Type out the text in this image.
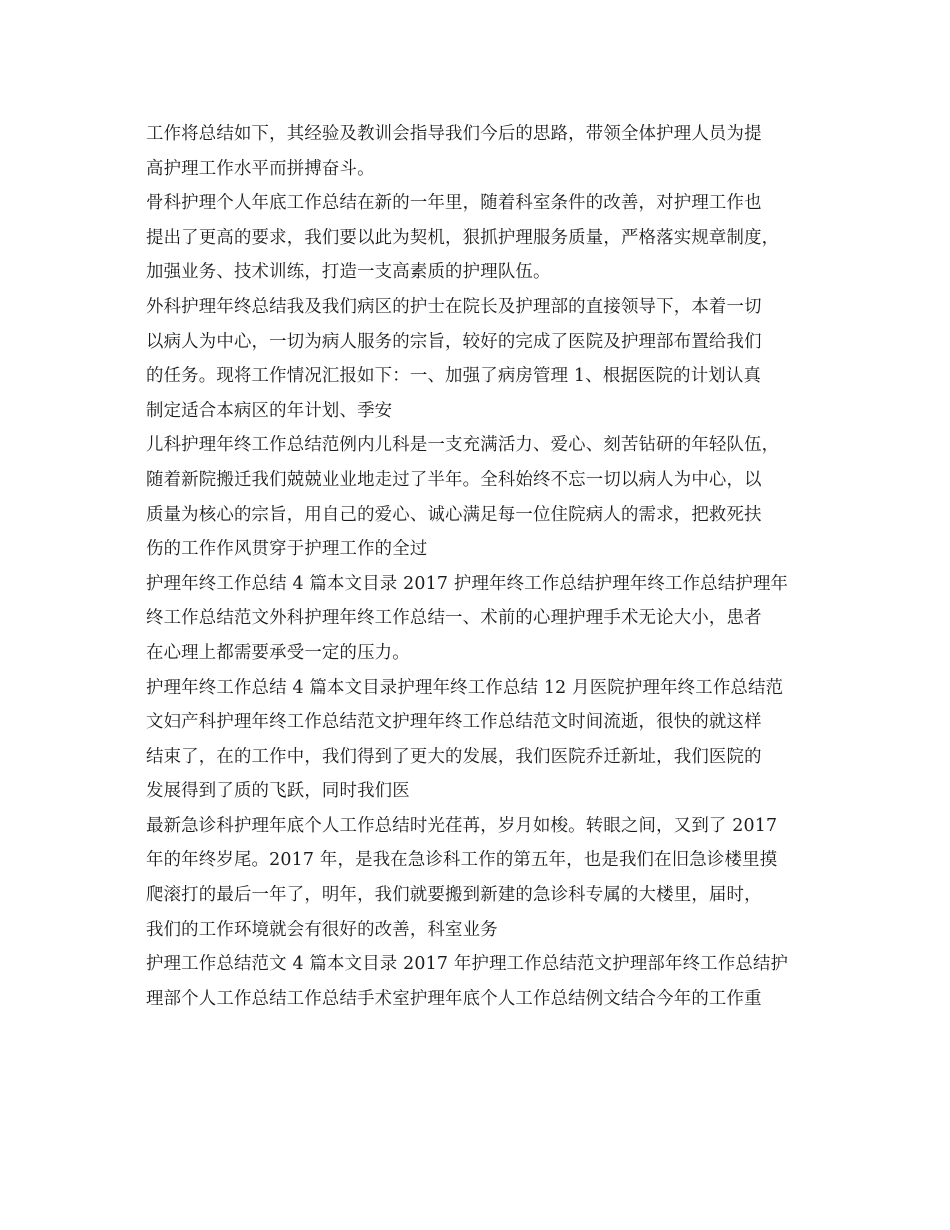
工作将总结如下，其经验及教训会指导我们今后的思路，带领全体护理人员为提
高护理工作水平而拼搏奋斗。
骨科护理个人年底工作总结在新的一年里，随着科室条件的改善，对护理工作也
提出了更高的要求，我们要以此为契机，狠抓护理服务质量，严格落实规章制度，
加强业务、技术训练，打造一支高素质的护理队伍。
外科护理年终总结我及我们病区的护士在院长及护理部的直接领导下，本着一切
以病人为中心，一切为病人服务的宗旨，较好的完成了医院及护理部布置给我们
的任务。现将工作情况汇报如下：一、加强了病房管理 1、根据医院的计划认真
制定适合本病区的年计划、季安
儿科护理年终工作总结范例内儿科是一支充满活力、爱心、刻苦钻研的年轻队伍，
随着新院搬迁我们兢兢业业地走过了半年。全科始终不忘一切以病人为中心，以
质量为核心的宗旨，用自己的爱心、诚心满足每一位住院病人的需求，把救死扶
伤的工作作风贯穿于护理工作的全过
护理年终工作总结 4 篇本文目录 2017 护理年终工作总结护理年终工作总结护理年
终工作总结范文外科护理年终工作总结一、术前的心理护理手术无论大小，患者
在心理上都需要承受一定的压力。
护理年终工作总结 4 篇本文目录护理年终工作总结 12 月医院护理年终工作总结范
文妇产科护理年终工作总结范文护理年终工作总结范文时间流逝，很快的就这样
结束了，在的工作中，我们得到了更大的发展，我们医院乔迁新址，我们医院的
发展得到了质的飞跃，同时我们医
最新急诊科护理年底个人工作总结时光荏苒，岁月如梭。转眼之间，又到了 2017
年的年终岁尾。2017 年，是我在急诊科工作的第五年，也是我们在旧急诊楼里摸
爬滚打的最后一年了，明年，我们就要搬到新建的急诊科专属的大楼里，届时，
我们的工作环境就会有很好的改善，科室业务
护理工作总结范文 4 篇本文目录 2017 年护理工作总结范文护理部年终工作总结护
理部个人工作总结工作总结手术室护理年底个人工作总结例文结合今年的工作重
